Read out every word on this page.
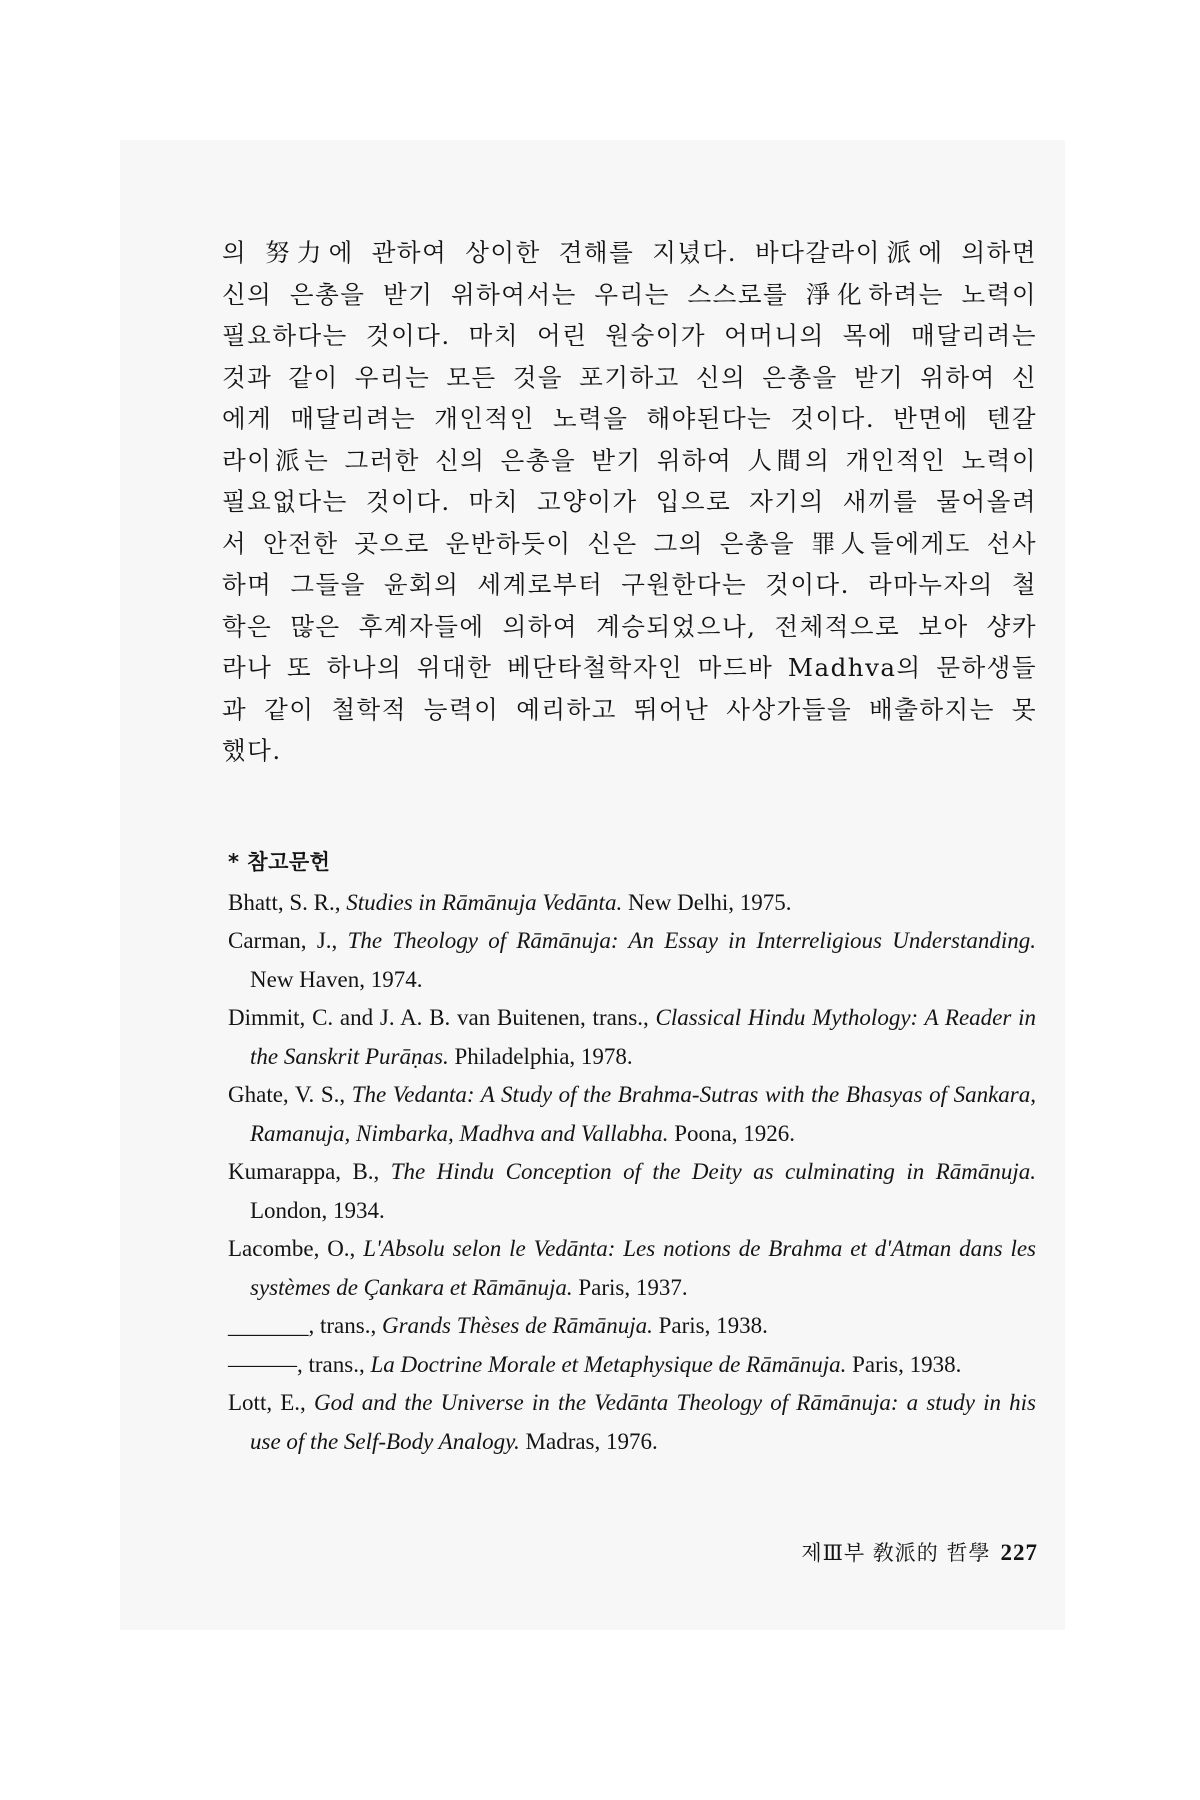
의 努力에 관하여 상이한 견해를 지녔다. 바다갈라이派에 의하면
신의 은총을 받기 위하여서는 우리는 스스로를 淨化하려는 노력이
필요하다는 것이다. 마치 어린 원숭이가 어머니의 목에 매달리려는
것과 같이 우리는 모든 것을 포기하고 신의 은총을 받기 위하여 신
에게 매달리려는 개인적인 노력을 해야된다는 것이다. 반면에 텐갈
라이派는 그러한 신의 은총을 받기 위하여 人間의 개인적인 노력이
필요없다는 것이다. 마치 고양이가 입으로 자기의 새끼를 물어올려
서 안전한 곳으로 운반하듯이 신은 그의 은총을 罪人들에게도 선사
하며 그들을 윤회의 세계로부터 구원한다는 것이다. 라마누자의 철
학은 많은 후계자들에 의하여 계승되었으나, 전체적으로 보아 샹카
라나 또 하나의 위대한 베단타철학자인 마드바 Madhva의 문하생들
과 같이 철학적 능력이 예리하고 뛰어난 사상가들을 배출하지는 못
했다.
* 참고문헌

Bhatt, S. R., Studies in Rāmānuja Vedānta. New Delhi, 1975.

Carman, J., The Theology of Rāmānuja: An Essay in Interreligious Understanding. New Haven, 1974.

Dimmit, C. and J. A. B. van Buitenen, trans., Classical Hindu Mythology: A Reader in the Sanskrit Purāṇas. Philadelphia, 1978.

Ghate, V. S., The Vedanta: A Study of the Brahma-Sutras with the Bhasyas of Sankara, Ramanuja, Nimbarka, Madhva and Vallabha. Poona, 1926.

Kumarappa, B., The Hindu Conception of the Deity as culminating in Rāmānuja. London, 1934.

Lacombe, O., L'Absolu selon le Vedānta: Les notions de Brahma et d'Atman dans les systèmes de Çankara et Rāmānuja. Paris, 1937.

_______, trans., Grands Thèses de Rāmānuja. Paris, 1938.

———, trans., La Doctrine Morale et Metaphysique de Rāmānuja. Paris, 1938.

Lott, E., God and the Universe in the Vedānta Theology of Rāmānuja: a study in his use of the Self-Body Analogy. Madras, 1976.

제Ⅲ부 敎派的 哲學 227
